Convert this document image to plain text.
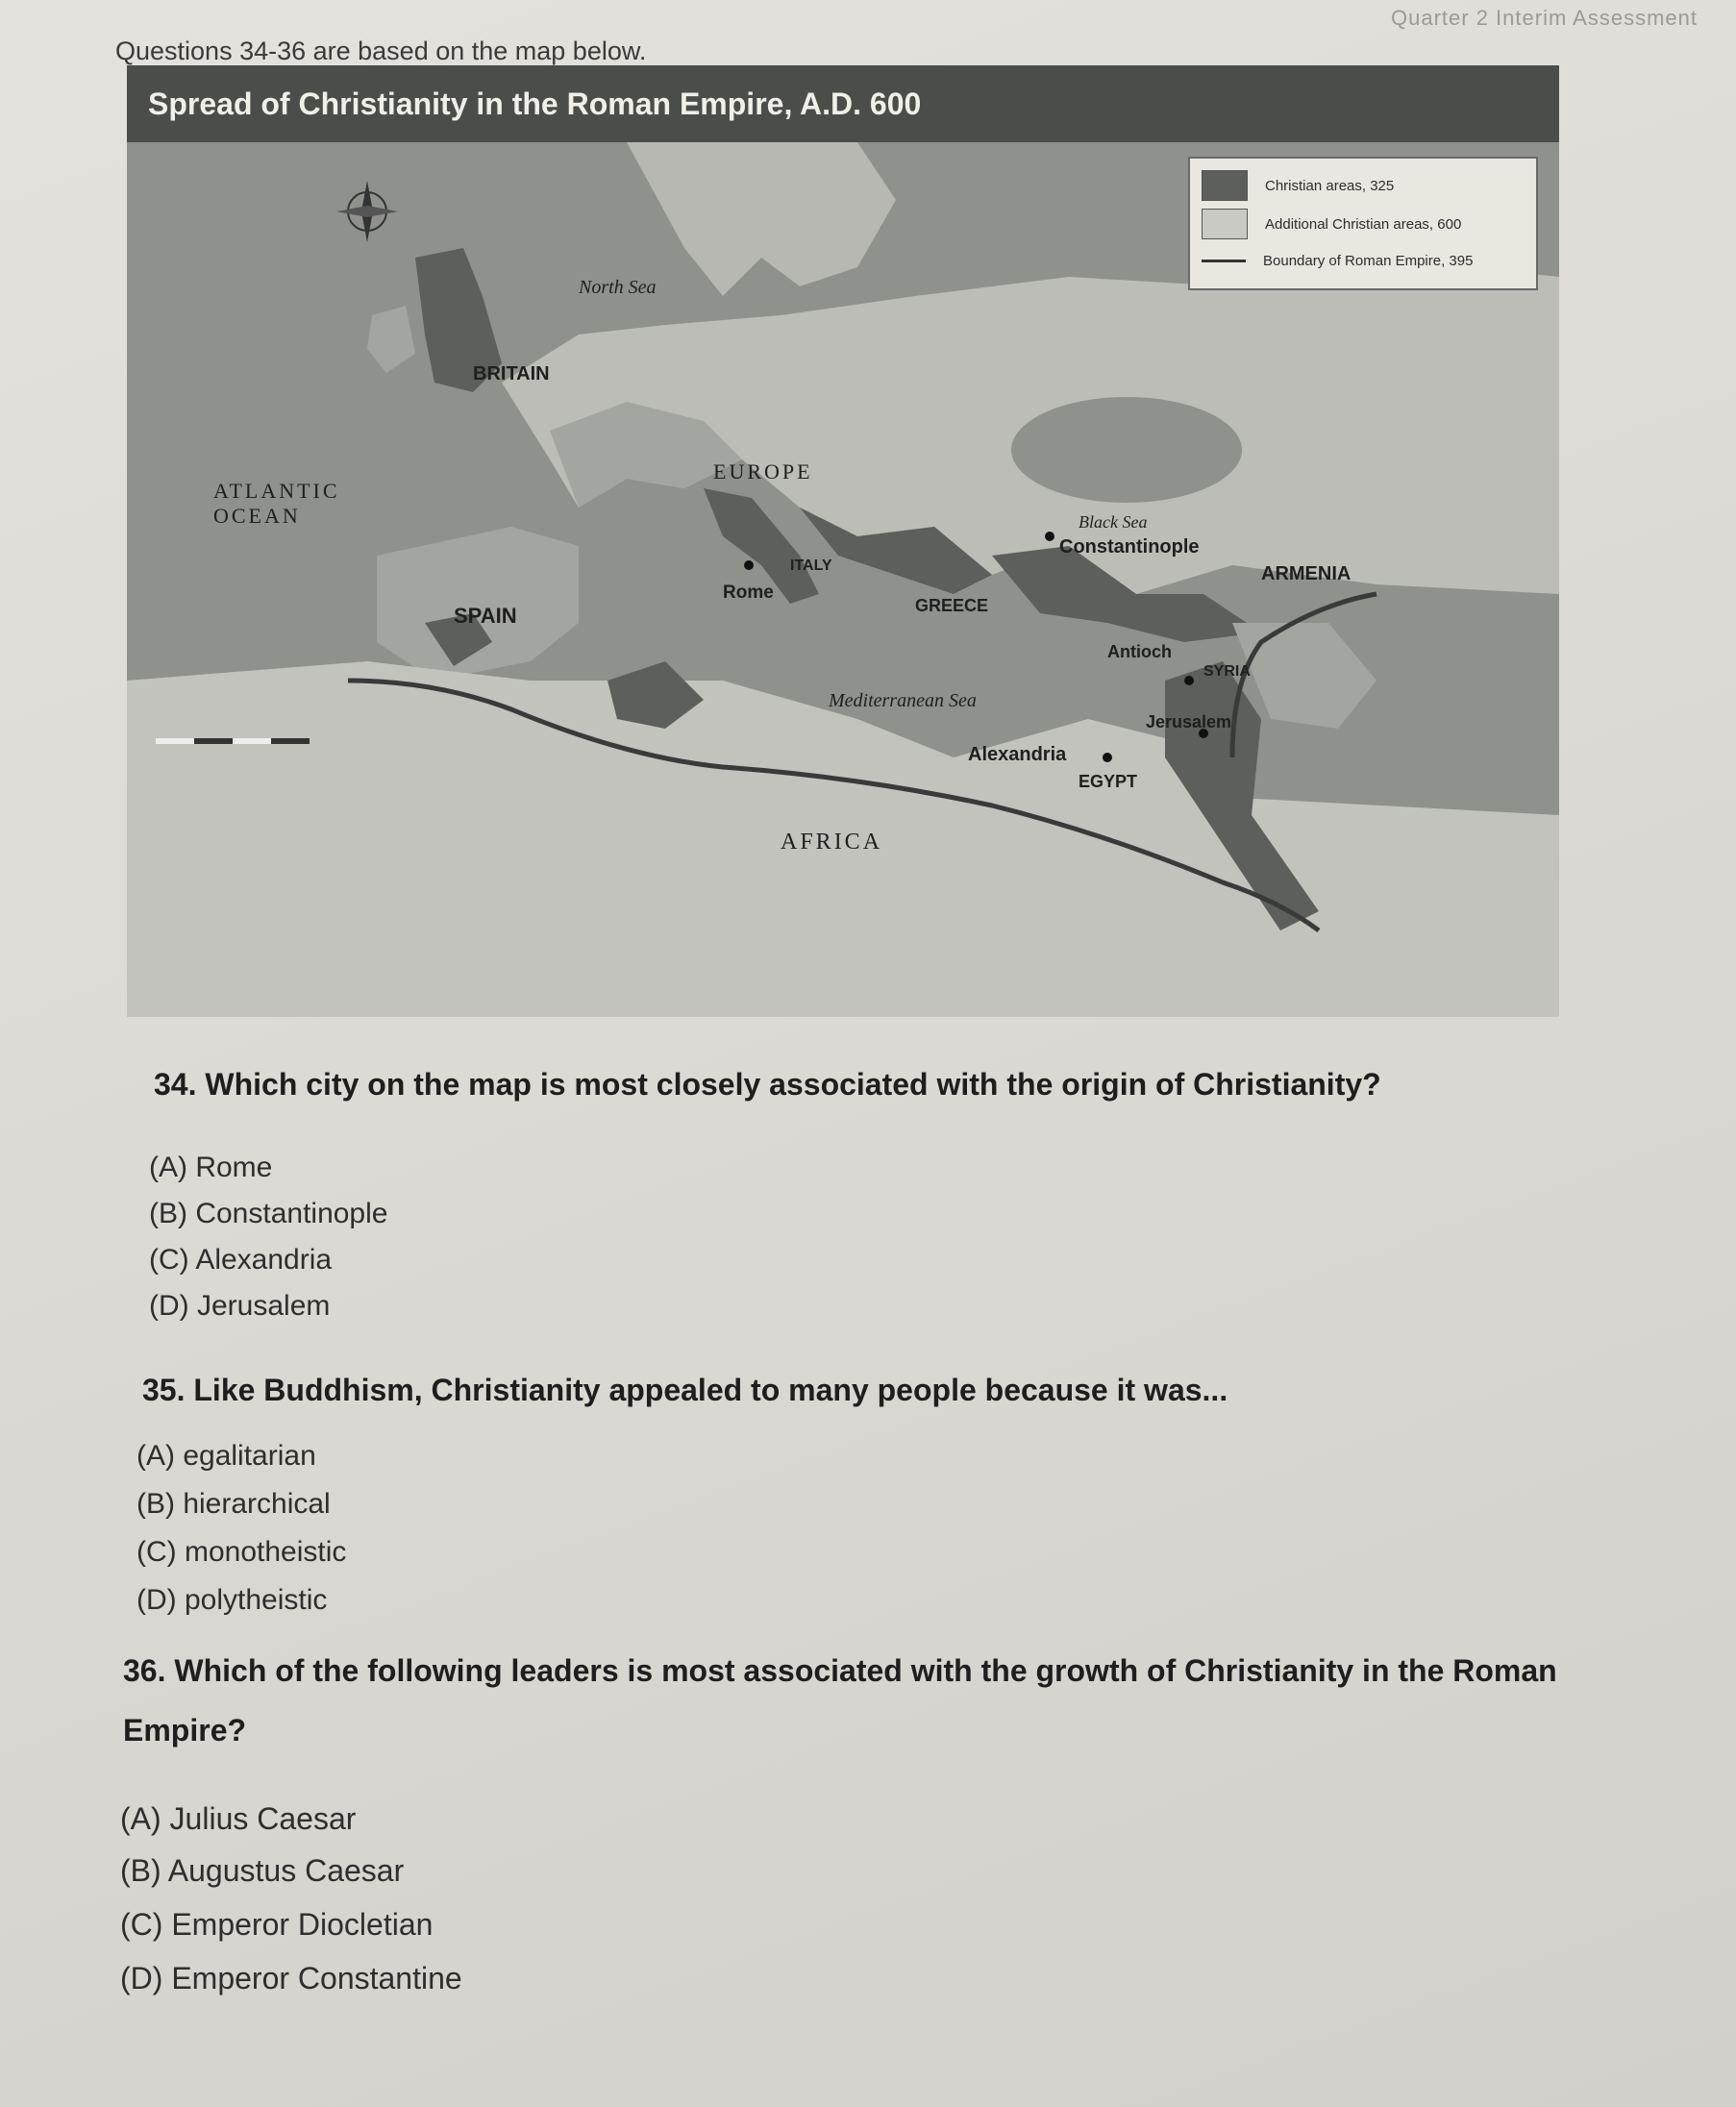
Quarter 2 Interim Assessment
Questions 34-36 are based on the map below.
Spread of Christianity in the Roman Empire, A.D. 600
Christian areas, 325
Additional Christian areas, 600
Boundary of Roman Empire, 395
North Sea
BRITAIN
ATLANTIC OCEAN
EUROPE
Black Sea
Constantinople
ARMENIA
SPAIN
Rome
ITALY
GREECE
Antioch
SYRIA
Mediterranean Sea
Jerusalem
Alexandria
EGYPT
AFRICA
34. Which city on the map is most closely associated with the origin of Christianity?
(A) Rome
(B) Constantinople
(C) Alexandria
(D) Jerusalem
35. Like Buddhism, Christianity appealed to many people because it was...
(A) egalitarian
(B) hierarchical
(C) monotheistic
(D) polytheistic
36. Which of the following leaders is most associated with the growth of Christianity in the Roman
Empire?
(A) Julius Caesar
(B) Augustus Caesar
(C) Emperor Diocletian
(D) Emperor Constantine
